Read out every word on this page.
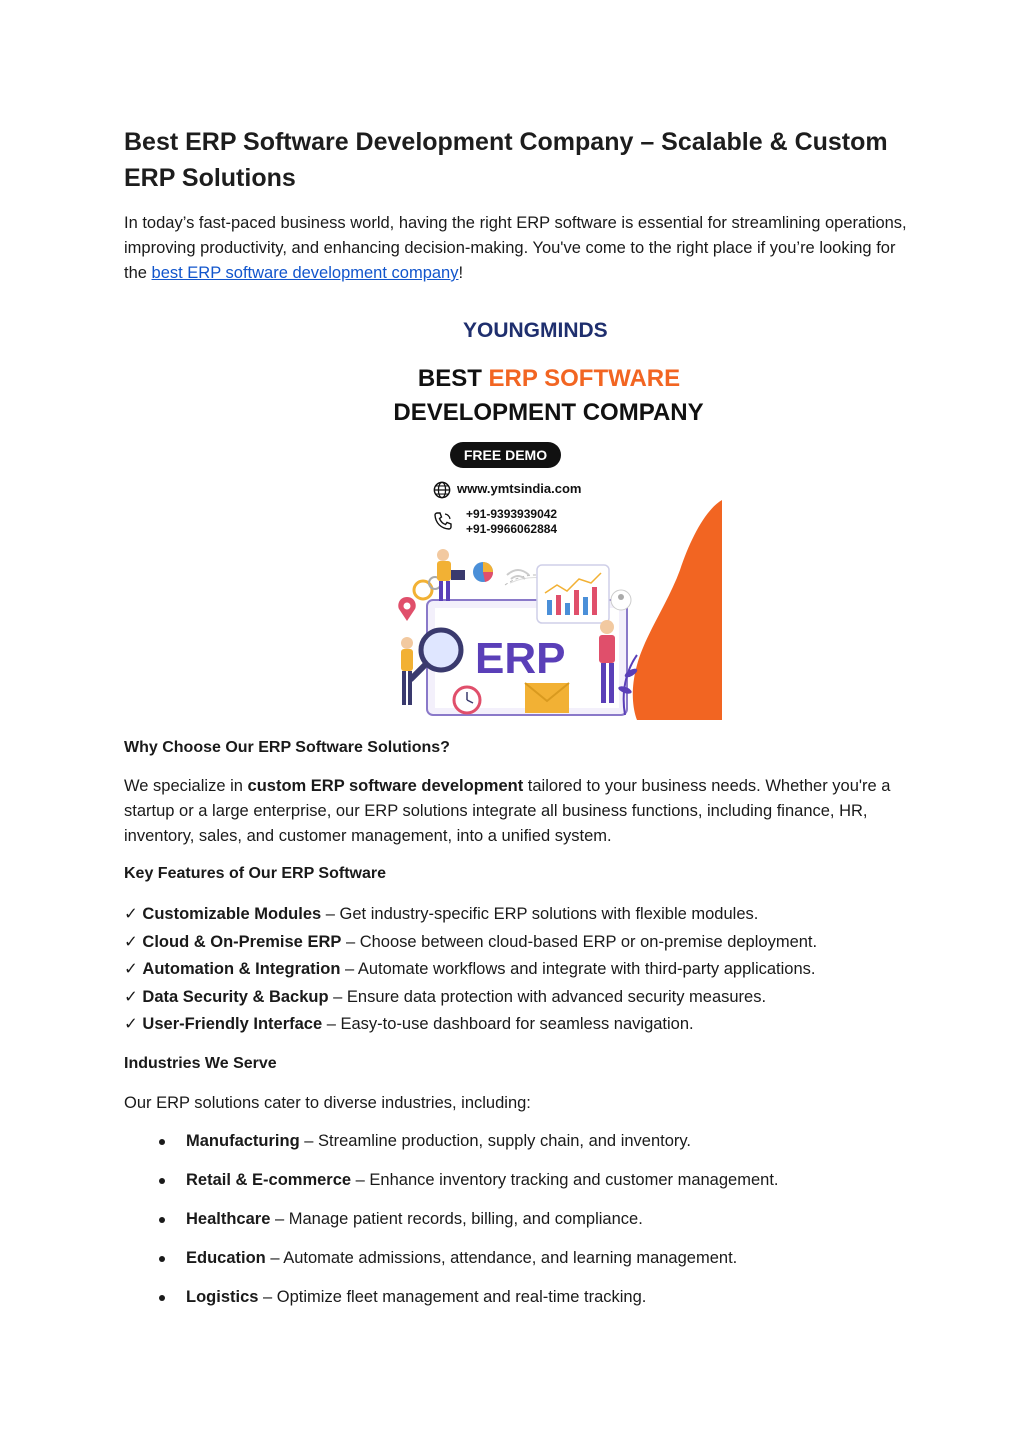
Best ERP Software Development Company – Scalable & Custom ERP Solutions

In today’s fast-paced business world, having the right ERP software is essential for streamlining operations, improving productivity, and enhancing decision-making. You've come to the right place if you’re looking for the best ERP software development company!

Why Choose Our ERP Software Solutions?

We specialize in custom ERP software development tailored to your business needs. Whether you're a startup or a large enterprise, our ERP solutions integrate all business functions, including finance, HR, inventory, sales, and customer management, into a unified system.

Key Features of Our ERP Software
✓ Customizable Modules – Get industry-specific ERP solutions with flexible modules.
✓ Cloud & On-Premise ERP – Choose between cloud-based ERP or on-premise deployment.
✓ Automation & Integration – Automate workflows and integrate with third-party applications.
✓ Data Security & Backup – Ensure data protection with advanced security measures.
✓ User-Friendly Interface – Easy-to-use dashboard for seamless navigation.
Industries We Serve

Our ERP solutions cater to diverse industries, including:

Manufacturing – Streamline production, supply chain, and inventory.
Retail & E-commerce – Enhance inventory tracking and customer management.
Healthcare – Manage patient records, billing, and compliance.
Education – Automate admissions, attendance, and learning management.
Logistics – Optimize fleet management and real-time tracking.
YOUNGMINDS
BEST ERP SOFTWARE
DEVELOPMENT COMPANY
FREE DEMO
www.ymtsindia.com
+91-9393939042
+91-9966062884
ERP
